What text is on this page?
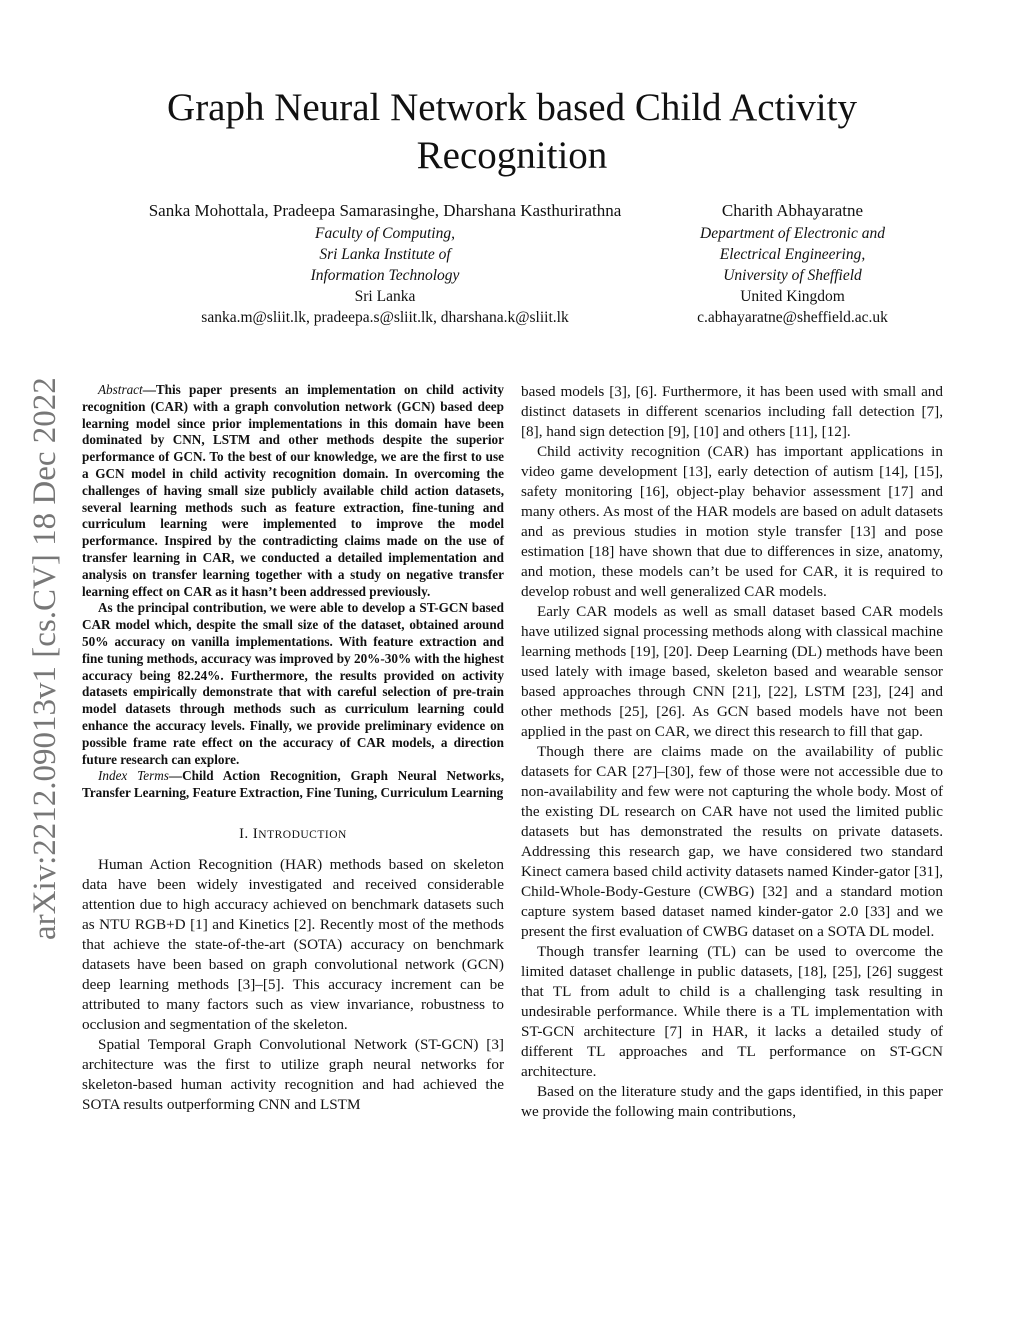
Graph Neural Network based Child Activity Recognition
Sanka Mohottala, Pradeepa Samarasinghe, Dharshana Kasthurirathna
Faculty of Computing,
Sri Lanka Institute of
Information Technology
Sri Lanka
sanka.m@sliit.lk, pradeepa.s@sliit.lk, dharshana.k@sliit.lk
Charith Abhayaratne
Department of Electronic and
Electrical Engineering,
University of Sheffield
United Kingdom
c.abhayaratne@sheffield.ac.uk
arXiv:2212.09013v1 [cs.CV] 18 Dec 2022	Abstract—This paper presents an implementation on child activity recognition (CAR) with a graph convolution network (GCN) based deep learning model since prior implementations in this domain have been dominated by CNN, LSTM and other methods despite the superior performance of GCN. To the best of our knowledge, we are the first to use a GCN model in child activity recognition domain. In overcoming the challenges of having small size publicly available child action datasets, several learning methods such as feature extraction, fine-tuning and curriculum learning were implemented to improve the model performance. Inspired by the contradicting claims made on the use of transfer learning in CAR, we conducted a detailed implementation and analysis on transfer learning together with a study on negative transfer learning effect on CAR as it hasn’t been addressed previously.

As the principal contribution, we were able to develop a ST-GCN based CAR model which, despite the small size of the dataset, obtained around 50% accuracy on vanilla implementations. With feature extraction and fine tuning methods, accuracy was improved by 20%-30% with the highest accuracy being 82.24%. Furthermore, the results provided on activity datasets empirically demonstrate that with careful selection of pre-train model datasets through methods such as curriculum learning could enhance the accuracy levels. Finally, we provide preliminary evidence on possible frame rate effect on the accuracy of CAR models, a direction future research can explore.

Index Terms—Child Action Recognition, Graph Neural Networks, Transfer Learning, Feature Extraction, Fine Tuning, Curriculum Learning

I. INTRODUCTION

Human Action Recognition (HAR) methods based on skeleton data have been widely investigated and received considerable attention due to high accuracy achieved on benchmark datasets such as NTU RGB+D [1] and Kinetics [2]. Recently most of the methods that achieve the state-of-the-art (SOTA) accuracy on benchmark datasets have been based on graph convolutional network (GCN) deep learning methods [3]–[5]. This accuracy increment can be attributed to many factors such as view invariance, robustness to occlusion and segmentation of the skeleton.

Spatial Temporal Graph Convolutional Network (ST-GCN) [3] architecture was the first to utilize graph neural networks for skeleton-based human activity recognition and had achieved the SOTA results outperforming CNN and LSTM

based models [3], [6]. Furthermore, it has been used with small and distinct datasets in different scenarios including fall detection [7], [8], hand sign detection [9], [10] and others [11], [12].

Child activity recognition (CAR) has important applications in video game development [13], early detection of autism [14], [15], safety monitoring [16], object-play behavior assessment [17] and many others. As most of the HAR models are based on adult datasets and as previous studies in motion style transfer [13] and pose estimation [18] have shown that due to differences in size, anatomy, and motion, these models can’t be used for CAR, it is required to develop robust and well generalized CAR models.

Early CAR models as well as small dataset based CAR models have utilized signal processing methods along with classical machine learning methods [19], [20]. Deep Learning (DL) methods have been used lately with image based, skeleton based and wearable sensor based approaches through CNN [21], [22], LSTM [23], [24] and other methods [25], [26]. As GCN based models have not been applied in the past on CAR, we direct this research to fill that gap.

Though there are claims made on the availability of public datasets for CAR [27]–[30], few of those were not accessible due to non-availability and few were not capturing the whole body. Most of the existing DL research on CAR have not used the limited public datasets but has demonstrated the results on private datasets. Addressing this research gap, we have considered two standard Kinect camera based child activity datasets named Kinder-gator [31], Child-Whole-Body-Gesture (CWBG) [32] and a standard motion capture system based dataset named kinder-gator 2.0 [33] and we present the first evaluation of CWBG dataset on a SOTA DL model.

Though transfer learning (TL) can be used to overcome the limited dataset challenge in public datasets, [18], [25], [26] suggest that TL from adult to child is a challenging task resulting in undesirable performance. While there is a TL implementation with ST-GCN architecture [7] in HAR, it lacks a detailed study of different TL approaches and TL performance on ST-GCN architecture.

Based on the literature study and the gaps identified, in this paper we provide the following main contributions,
